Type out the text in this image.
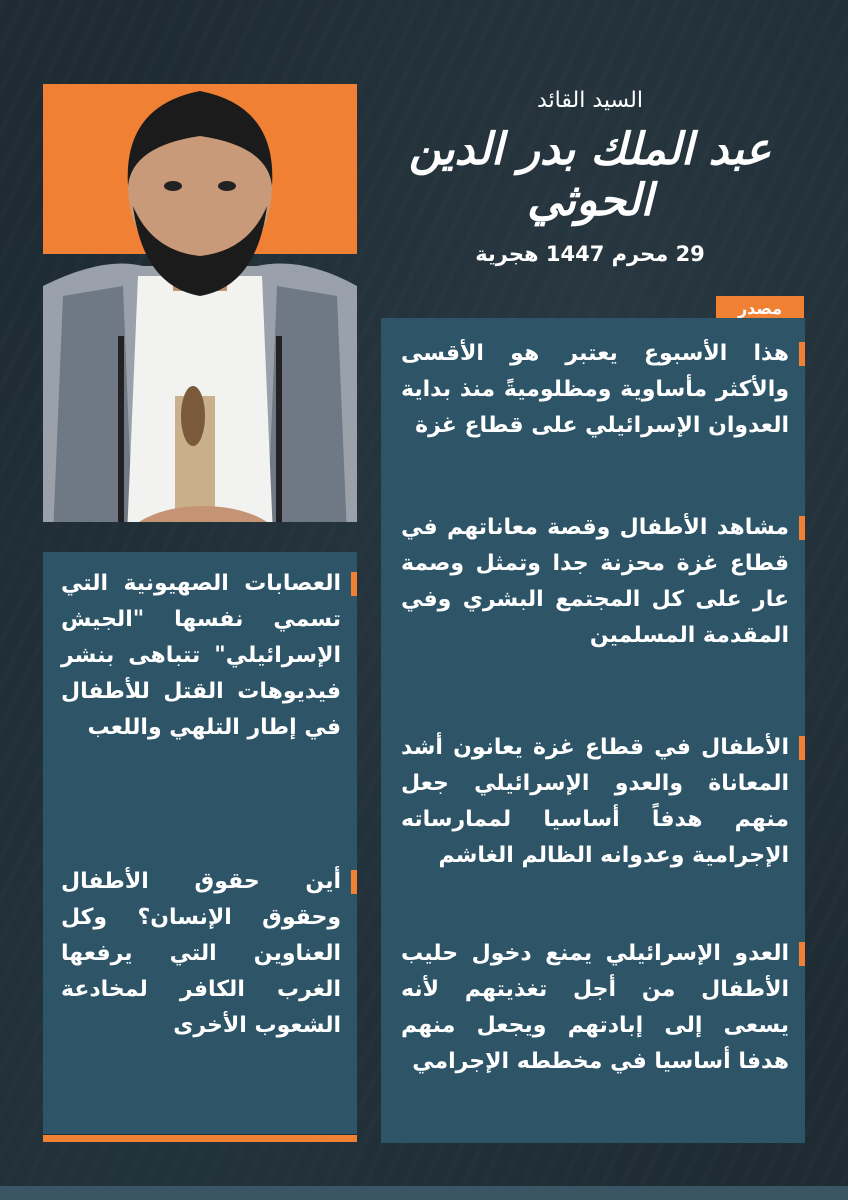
السيد القائد
عبد الملك بدر الدين الحوثي
29 محرم 1447 هجرية
مصدر
هذا الأسبوع يعتبر هو الأقسى والأكثر مأساوية ومظلوميةً منذ بداية العدوان الإسرائيلي على قطاع غزة
مشاهد الأطفال وقصة معاناتهم في قطاع غزة محزنة جدا وتمثل وصمة عار على كل المجتمع البشري وفي المقدمة المسلمين
الأطفال في قطاع غزة يعانون أشد المعاناة والعدو الإسرائيلي جعل منهم هدفاً أساسيا لممارساته الإجرامية وعدوانه الظالم الغاشم
العدو الإسرائيلي يمنع دخول حليب الأطفال من أجل تغذيتهم لأنه يسعى إلى إبادتهم ويجعل منهم هدفا أساسيا في مخططه الإجرامي
العصابات الصهيونية التي تسمي نفسها "الجيش الإسرائيلي" تتباهى بنشر فيديوهات القتل للأطفال في إطار التلهي واللعب
أين حقوق الأطفال وحقوق الإنسان؟ وكل العناوين التي يرفعها الغرب الكافر لمخادعة الشعوب الأخرى
